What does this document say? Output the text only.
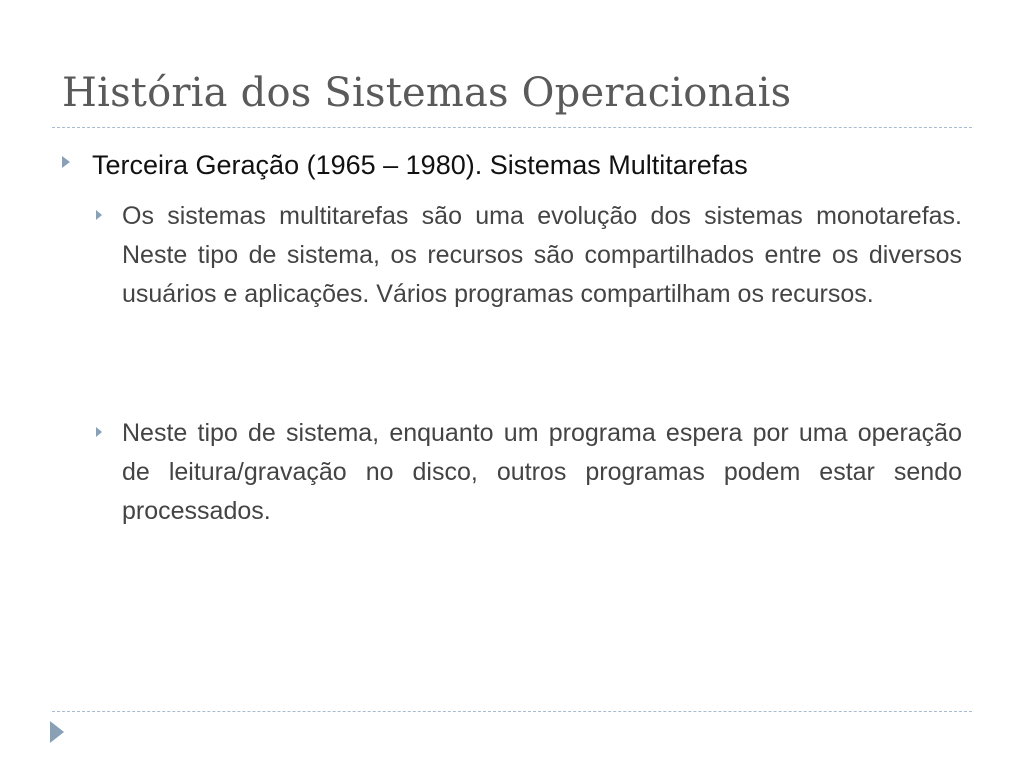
História dos Sistemas Operacionais
Terceira Geração (1965 – 1980). Sistemas Multitarefas
Os sistemas multitarefas são uma evolução dos sistemas monotarefas. Neste tipo de sistema, os recursos são compartilhados entre os diversos usuários e aplicações. Vários programas compartilham os recursos.
Neste tipo de sistema, enquanto um programa espera por uma operação de leitura/gravação no disco, outros programas podem estar sendo processados.
